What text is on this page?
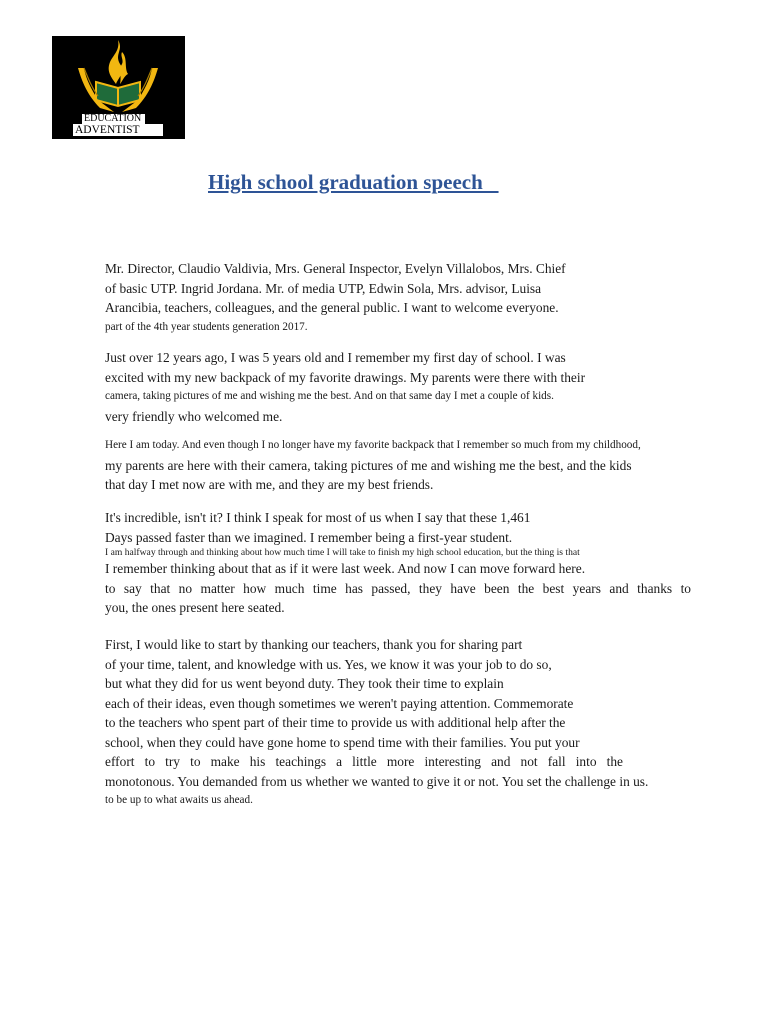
EDUCATION
ADVENTIST
High school graduation speech
Mr. Director, Claudio Valdivia, Mrs. General Inspector, Evelyn Villalobos, Mrs. Chief
of basic UTP. Ingrid Jordana. Mr. of media UTP, Edwin Sola, Mrs. advisor, Luisa
Arancibia, teachers, colleagues, and the general public. I want to welcome everyone.
part of the 4th year students generation 2017.
Just over 12 years ago, I was 5 years old and I remember my first day of school. I was
excited with my new backpack of my favorite drawings. My parents were there with their
camera, taking pictures of me and wishing me the best. And on that same day I met a couple of kids.
very friendly who welcomed me.
Here I am today. And even though I no longer have my favorite backpack that I remember so much from my childhood,
my parents are here with their camera, taking pictures of me and wishing me the best, and the kids
that day I met now are with me, and they are my best friends.
It's incredible, isn't it? I think I speak for most of us when I say that these 1,461
Days passed faster than we imagined. I remember being a first-year student.
I am halfway through and thinking about how much time I will take to finish my high school education, but the thing is that
I remember thinking about that as if it were last week. And now I can move forward here.
to say that no matter how much time has passed, they have been the best years and thanks to
you, the ones present here seated.
First, I would like to start by thanking our teachers, thank you for sharing part
of your time, talent, and knowledge with us. Yes, we know it was your job to do so,
but what they did for us went beyond duty. They took their time to explain
each of their ideas, even though sometimes we weren't paying attention. Commemorate
to the teachers who spent part of their time to provide us with additional help after the
school, when they could have gone home to spend time with their families. You put your
effort to try to make his teachings a little more interesting and not fall into the
monotonous. You demanded from us whether we wanted to give it or not. You set the challenge in us.
to be up to what awaits us ahead.
